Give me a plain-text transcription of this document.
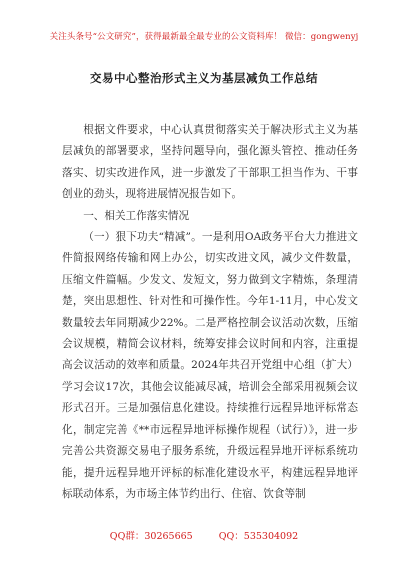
关注头条号“公文研究”，获得最新最全最专业的公文资料库！ 微信：gongwenyj
交易中心整治形式主义为基层减负工作总结

根据文件要求，中心认真贯彻落实关于解决形式主义为基层减负的部署要求，坚持问题导向，强化源头管控、推动任务落实、切实改进作风，进一步激发了干部职工担当作为、干事创业的劲头，现将进展情况报告如下。

一、相关工作落实情况

（一）狠下功夫“精减”。一是利用OA政务平台大力推进文件简报网络传输和网上办公，切实改进文风，减少文件数量，压缩文件篇幅。少发文、发短文，努力做到文字精炼，条理清楚，突出思想性、针对性和可操作性。今年1-11月，中心发文数量较去年同期减少22%。二是严格控制会议活动次数，压缩会议规模，精简会议材料，统筹安排会议时间和内容，注重提高会议活动的效率和质量。2024年共召开党组中心组（扩大）学习会议17次，其他会议能减尽减，培训会全部采用视频会议形式召开。三是加强信息化建设。持续推行远程异地评标常态化，制定完善《**市远程异地评标操作规程（试行）》，进一步完善公共资源交易电子服务系统，升级远程异地开评标系统功能，提升远程异地开评标的标准化建设水平，构建远程异地评标联动体系，为市场主体节约出行、住宿、饮食等制

QQ群：30265665	QQ：535304092
